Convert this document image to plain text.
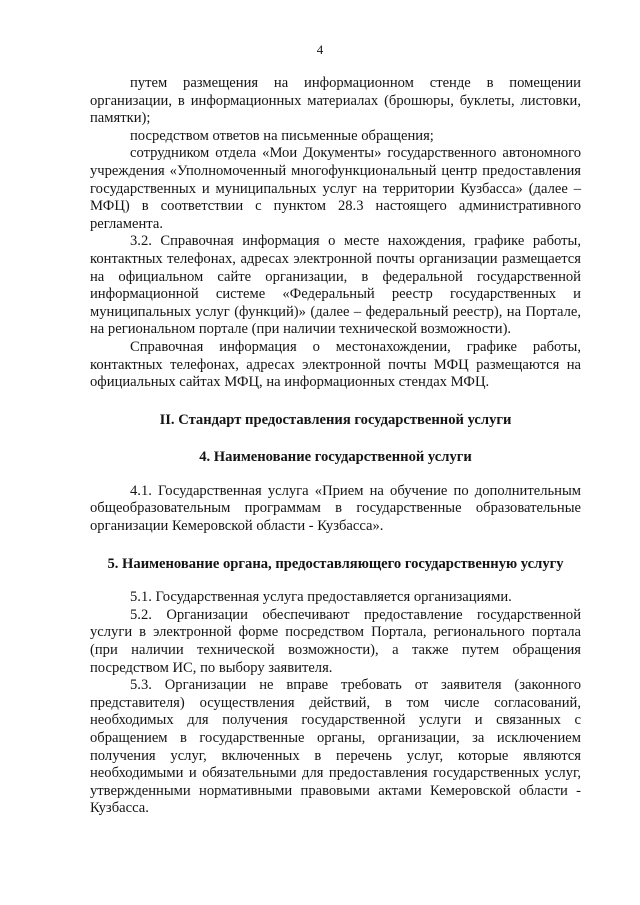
4

путем размещения на информационном стенде в помещении организации, в информационных материалах (брошюры, буклеты, листовки, памятки);

посредством ответов на письменные обращения;

сотрудником отдела «Мои Документы» государственного автономного учреждения «Уполномоченный многофункциональный центр предоставления государственных и муниципальных услуг на территории Кузбасса» (далее – МФЦ) в соответствии с пунктом 28.3 настоящего административного регламента.

3.2. Справочная информация о месте нахождения, графике работы, контактных телефонах, адресах электронной почты организации размещается на официальном сайте организации, в федеральной государственной информационной системе «Федеральный реестр государственных и муниципальных услуг (функций)» (далее – федеральный реестр), на Портале, на региональном портале (при наличии технической возможности).

Справочная информация о местонахождении, графике работы, контактных телефонах, адресах электронной почты МФЦ размещаются на официальных сайтах МФЦ, на информационных стендах МФЦ.

II. Стандарт предоставления государственной услуги
4. Наименование государственной услуги

4.1. Государственная услуга «Прием на обучение по дополнительным общеобразовательным программам в государственные образовательные организации Кемеровской области - Кузбасса».

5. Наименование органа, предоставляющего государственную услугу

5.1. Государственная услуга предоставляется организациями.

5.2. Организации обеспечивают предоставление государственной услуги в электронной форме посредством Портала, регионального портала (при наличии технической возможности), а также путем обращения посредством ИС, по выбору заявителя.

5.3. Организации не вправе требовать от заявителя (законного представителя) осуществления действий, в том числе согласований, необходимых для получения государственной услуги и связанных с обращением в государственные органы, организации, за исключением получения услуг, включенных в перечень услуг, которые являются необходимыми и обязательными для предоставления государственных услуг, утвержденными нормативными правовыми актами Кемеровской области - Кузбасса.
